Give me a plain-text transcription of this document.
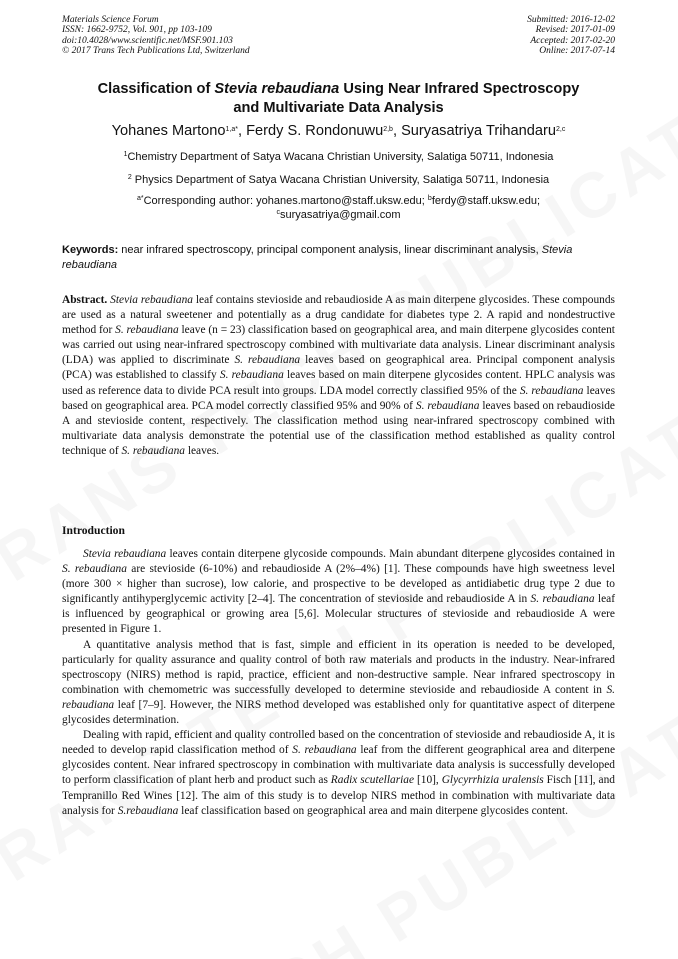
Materials Science Forum
ISSN: 1662-9752, Vol. 901, pp 103-109
doi:10.4028/www.scientific.net/MSF.901.103
© 2017 Trans Tech Publications Ltd, Switzerland
Submitted: 2016-12-02
Revised: 2017-01-09
Accepted: 2017-02-20
Online: 2017-07-14
Classification of Stevia rebaudiana Using Near Infrared Spectroscopy
and Multivariate Data Analysis
Yohanes Martono$^{1,a*}$, Ferdy S. Rondonuwu$^{2,b}$, Suryasatriya Trihandaru$^{2,c}$
$^1$Chemistry Department of Satya Wacana Christian University, Salatiga 50711, Indonesia
$^2$ Physics Department of Satya Wacana Christian University, Salatiga 50711, Indonesia
$^{a*}$Corresponding author: yohanes.martono@staff.uksw.edu; $^b$ferdy@staff.uksw.edu;
$^c$suryasatriya@gmail.com
Keywords: near infrared spectroscopy, principal component analysis, linear discriminant analysis, Stevia rebaudiana

Abstract. Stevia rebaudiana leaf contains stevioside and rebaudioside A as main diterpene glycosides. These compounds are used as a natural sweetener and potentially as a drug candidate for diabetes type 2. A rapid and nondestructive method for S. rebaudiana leave (n = 23) classification based on geographical area, and main diterpene glycosides content was carried out using near-infrared spectroscopy combined with multivariate data analysis. Linear discriminant analysis (LDA) was applied to discriminate S. rebaudiana leaves based on geographical area. Principal component analysis (PCA) was established to classify S. rebaudiana leaves based on main diterpene glycosides content. HPLC analysis was used as reference data to divide PCA result into groups. LDA model correctly classified 95% of the S. rebaudiana leaves based on geographical area. PCA model correctly classified 95% and 90% of S. rebaudiana leaves based on rebaudioside A and stevioside content, respectively. The classification method using near-infrared spectroscopy combined with multivariate data analysis demonstrate the potential use of the classification method established as quality control technique of S. rebaudiana leaves.

Introduction

Stevia rebaudiana leaves contain diterpene glycoside compounds. Main abundant diterpene glycosides contained in S. rebaudiana are stevioside (6-10%) and rebaudioside A (2%–4%) [1]. These compounds have high sweetness level (more 300 × higher than sucrose), low calorie, and prospective to be developed as antidiabetic drug type 2 due to significantly antihyperglycemic activity [2–4]. The concentration of stevioside and rebaudioside A in S. rebaudiana leaf is influenced by geographical or growing area [5,6]. Molecular structures of stevioside and rebaudioside A were presented in Figure 1.

A quantitative analysis method that is fast, simple and efficient in its operation is needed to be developed, particularly for quality assurance and quality control of both raw materials and products in the industry. Near-infrared spectroscopy (NIRS) method is rapid, practice, efficient and non-destructive sample. Near infrared spectroscopy in combination with chemometric was successfully developed to determine stevioside and rebaudioside A content in S. rebaudiana leaf [7–9]. However, the NIRS method developed was established only for quantitative aspect of diterpene glycosides determination.

Dealing with rapid, efficient and quality controlled based on the concentration of stevioside and rebaudioside A, it is needed to develop rapid classification method of S. rebaudiana leaf from the different geographical area and diterpene glycosides content. Near infrared spectroscopy in combination with multivariate data analysis is successfully developed to perform classification of plant herb and product such as Radix scutellariae [10], Glycyrrhizia uralensis Fisch [11], and Tempranillo Red Wines [12]. The aim of this study is to develop NIRS method in combination with multivariate data analysis for S.rebaudiana leaf classification based on geographical area and main diterpene glycosides content.
